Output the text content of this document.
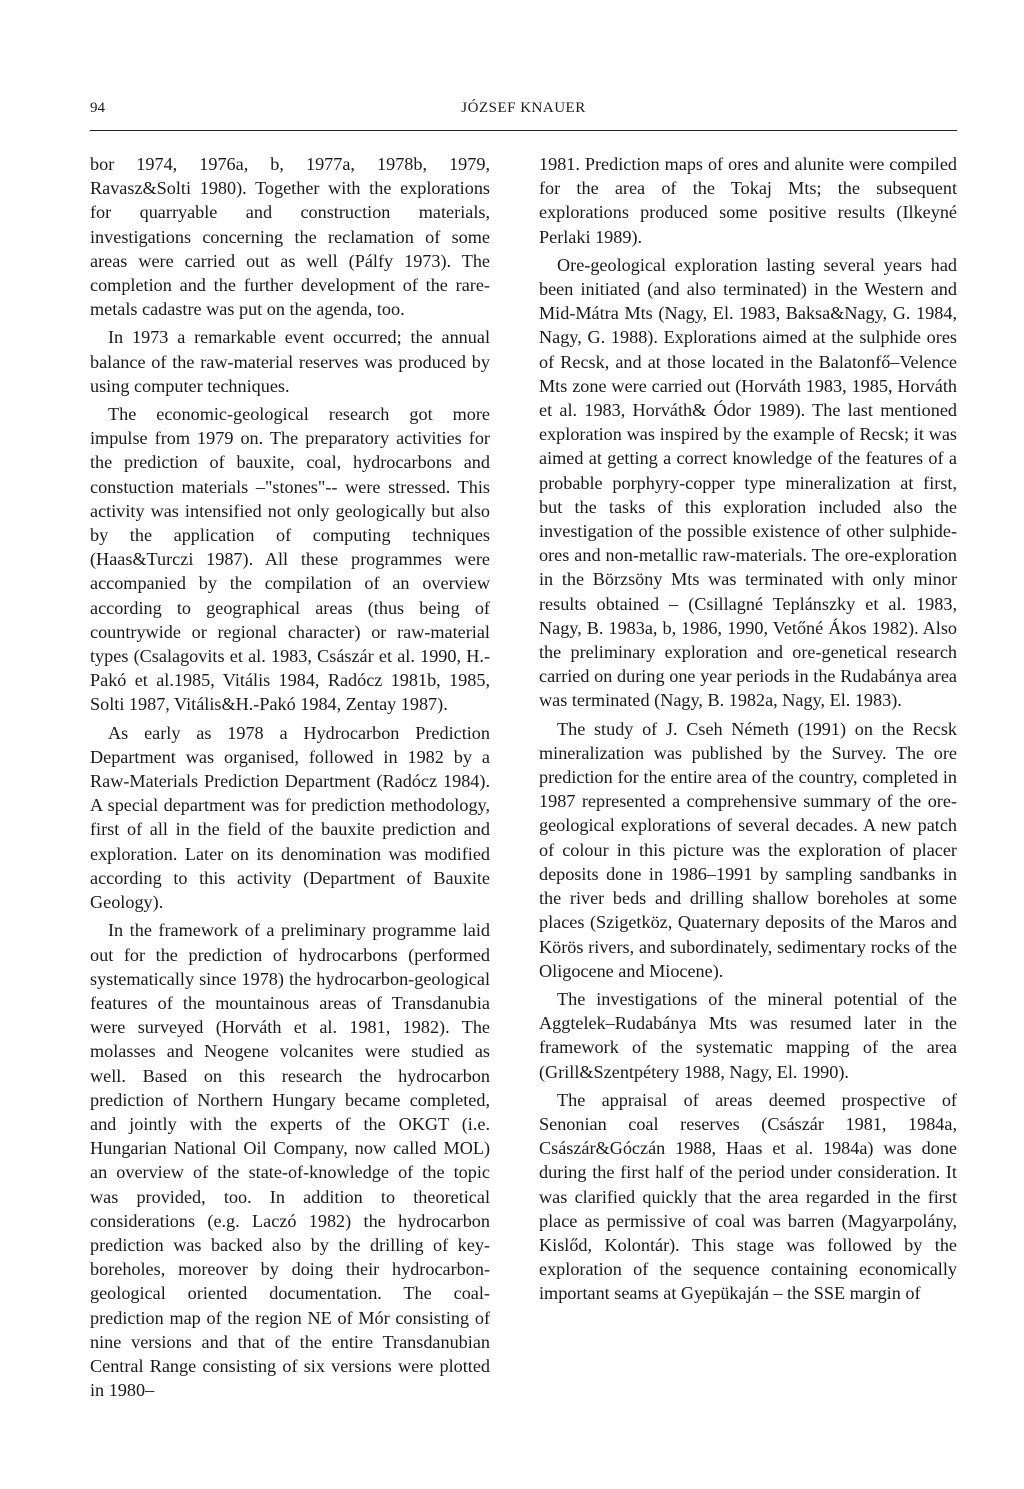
94	JÓZSEF KNAUER

bor 1974, 1976a, b, 1977a, 1978b, 1979, Ravasz&Solti 1980). Together with the explorations for quarryable and construction materials, investigations concerning the reclamation of some areas were carried out as well (Pálfy 1973). The completion and the further development of the rare-metals cadastre was put on the agenda, too.

In 1973 a remarkable event occurred; the annual balance of the raw-material reserves was produced by using computer techniques.

The economic-geological research got more impulse from 1979 on. The preparatory activities for the prediction of bauxite, coal, hydrocarbons and constuction materials –"stones"-- were stressed. This activity was intensified not only geologically but also by the application of computing techniques (Haas&Turczi 1987). All these programmes were accompanied by the compilation of an overview according to geographical areas (thus being of countrywide or regional character) or raw-material types (Csalagovits et al. 1983, Császár et al. 1990, H.-Pakó et al.1985, Vitális 1984, Radócz 1981b, 1985, Solti 1987, Vitális&H.-Pakó 1984, Zentay 1987).

As early as 1978 a Hydrocarbon Prediction Department was organised, followed in 1982 by a Raw-Materials Prediction Department (Radócz 1984). A special department was for prediction methodology, first of all in the field of the bauxite prediction and exploration. Later on its denomination was modified according to this activity (Department of Bauxite Geology).

In the framework of a preliminary programme laid out for the prediction of hydrocarbons (performed systematically since 1978) the hydrocarbon-geological features of the mountainous areas of Transdanubia were surveyed (Horváth et al. 1981, 1982). The molasses and Neogene volcanites were studied as well. Based on this research the hydrocarbon prediction of Northern Hungary became completed, and jointly with the experts of the OKGT (i.e. Hungarian National Oil Company, now called MOL) an overview of the state-of-knowledge of the topic was provided, too. In addition to theoretical considerations (e.g. Laczó 1982) the hydrocarbon prediction was backed also by the drilling of key-boreholes, moreover by doing their hydrocarbon-geological oriented documentation. The coal-prediction map of the region NE of Mór consisting of nine versions and that of the entire Transdanubian Central Range consisting of six versions were plotted in 1980–

1981. Prediction maps of ores and alunite were compiled for the area of the Tokaj Mts; the subsequent explorations produced some positive results (Ilkeyné Perlaki 1989).

Ore-geological exploration lasting several years had been initiated (and also terminated) in the Western and Mid-Mátra Mts (Nagy, El. 1983, Baksa&Nagy, G. 1984, Nagy, G. 1988). Explorations aimed at the sulphide ores of Recsk, and at those located in the Balatonfő–Velence Mts zone were carried out (Horváth 1983, 1985, Horváth et al. 1983, Horváth& Ódor 1989). The last mentioned exploration was inspired by the example of Recsk; it was aimed at getting a correct knowledge of the features of a probable porphyry-copper type mineralization at first, but the tasks of this exploration included also the investigation of the possible existence of other sulphide-ores and non-metallic raw-materials. The ore-exploration in the Börzsöny Mts was terminated with only minor results obtained – (Csillagné Teplánszky et al. 1983, Nagy, B. 1983a, b, 1986, 1990, Vetőné Ákos 1982). Also the preliminary exploration and ore-genetical research carried on during one year periods in the Rudabánya area was terminated (Nagy, B. 1982a, Nagy, El. 1983).

The study of J. Cseh Németh (1991) on the Recsk mineralization was published by the Survey. The ore prediction for the entire area of the country, completed in 1987 represented a comprehensive summary of the ore-geological explorations of several decades. A new patch of colour in this picture was the exploration of placer deposits done in 1986–1991 by sampling sandbanks in the river beds and drilling shallow boreholes at some places (Szigetköz, Quaternary deposits of the Maros and Körös rivers, and subordinately, sedimentary rocks of the Oligocene and Miocene).

The investigations of the mineral potential of the Aggtelek–Rudabánya Mts was resumed later in the framework of the systematic mapping of the area (Grill&Szentpétery 1988, Nagy, El. 1990).

The appraisal of areas deemed prospective of Senonian coal reserves (Császár 1981, 1984a, Császár&Góczán 1988, Haas et al. 1984a) was done during the first half of the period under consideration. It was clarified quickly that the area regarded in the first place as permissive of coal was barren (Magyarpolány, Kislőd, Kolontár). This stage was followed by the exploration of the sequence containing economically important seams at Gyepükaján – the SSE margin of
